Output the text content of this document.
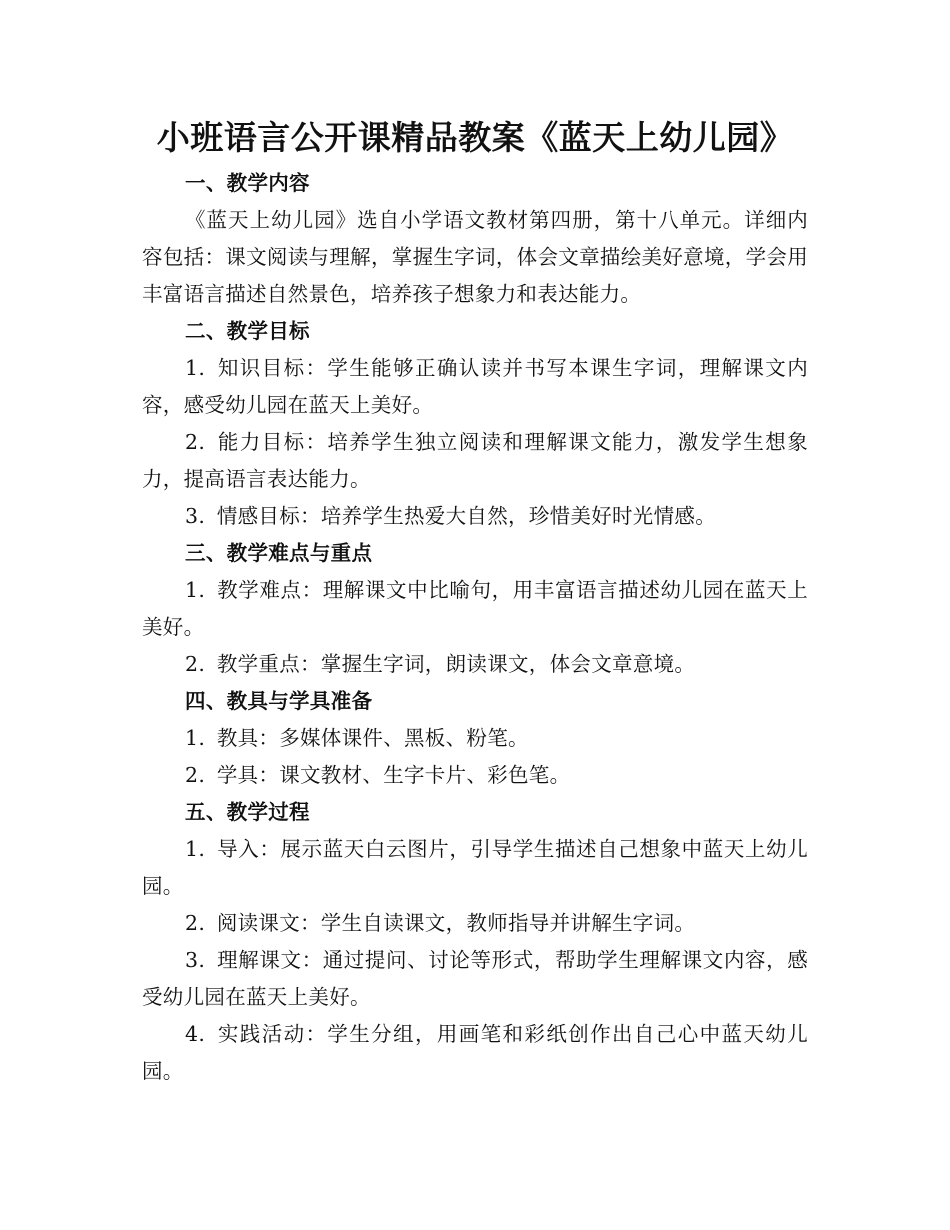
小班语言公开课精品教案《蓝天上幼儿园》

一、教学内容

《蓝天上幼儿园》选自小学语文教材第四册，第十八单元。详细内容包括：课文阅读与理解，掌握生字词，体会文章描绘美好意境，学会用丰富语言描述自然景色，培养孩子想象力和表达能力。

二、教学目标

1. 知识目标：学生能够正确认读并书写本课生字词，理解课文内容，感受幼儿园在蓝天上美好。

2. 能力目标：培养学生独立阅读和理解课文能力，激发学生想象力，提高语言表达能力。

3. 情感目标：培养学生热爱大自然，珍惜美好时光情感。

三、教学难点与重点

1. 教学难点：理解课文中比喻句，用丰富语言描述幼儿园在蓝天上美好。

2. 教学重点：掌握生字词，朗读课文，体会文章意境。

四、教具与学具准备

1. 教具：多媒体课件、黑板、粉笔。

2. 学具：课文教材、生字卡片、彩色笔。

五、教学过程

1. 导入：展示蓝天白云图片，引导学生描述自己想象中蓝天上幼儿园。

2. 阅读课文：学生自读课文，教师指导并讲解生字词。

3. 理解课文：通过提问、讨论等形式，帮助学生理解课文内容，感受幼儿园在蓝天上美好。

4. 实践活动：学生分组，用画笔和彩纸创作出自己心中蓝天幼儿园。
